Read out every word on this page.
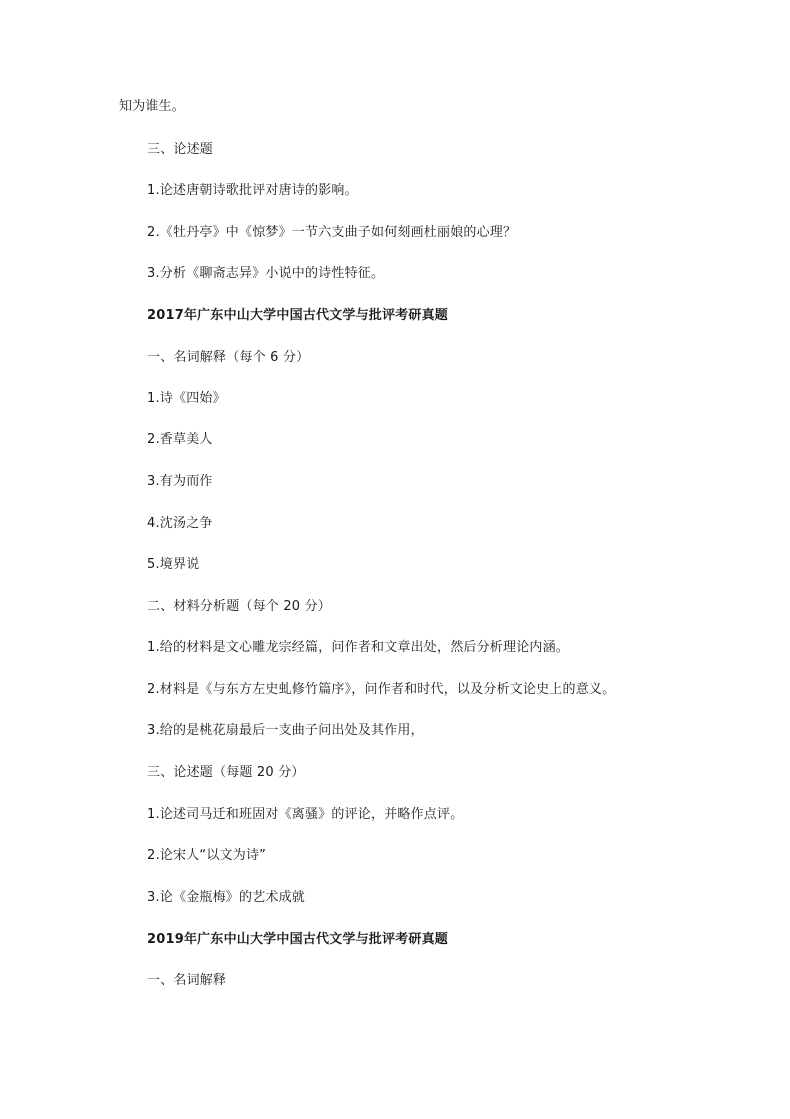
知为谁生。
三、论述题
1.论述唐朝诗歌批评对唐诗的影响。
2.《牡丹亭》中《惊梦》一节六支曲子如何刻画杜丽娘的心理？
3.分析《聊斋志异》小说中的诗性特征。
2017年广东中山大学中国古代文学与批评考研真题
一、名词解释（每个 6 分）
1.诗《四始》
2.香草美人
3.有为而作
4.沈汤之争
5.境界说
二、材料分析题（每个 20 分）
1.给的材料是文心雕龙宗经篇，问作者和文章出处，然后分析理论内涵。
2.材料是《与东方左史虬修竹篇序》，问作者和时代，以及分析文论史上的意义。
3.给的是桃花扇最后一支曲子问出处及其作用，
三、论述题（每题 20 分）
1.论述司马迁和班固对《离骚》的评论，并略作点评。
2.论宋人“以文为诗”
3.论《金瓶梅》的艺术成就
2019年广东中山大学中国古代文学与批评考研真题
一、名词解释
